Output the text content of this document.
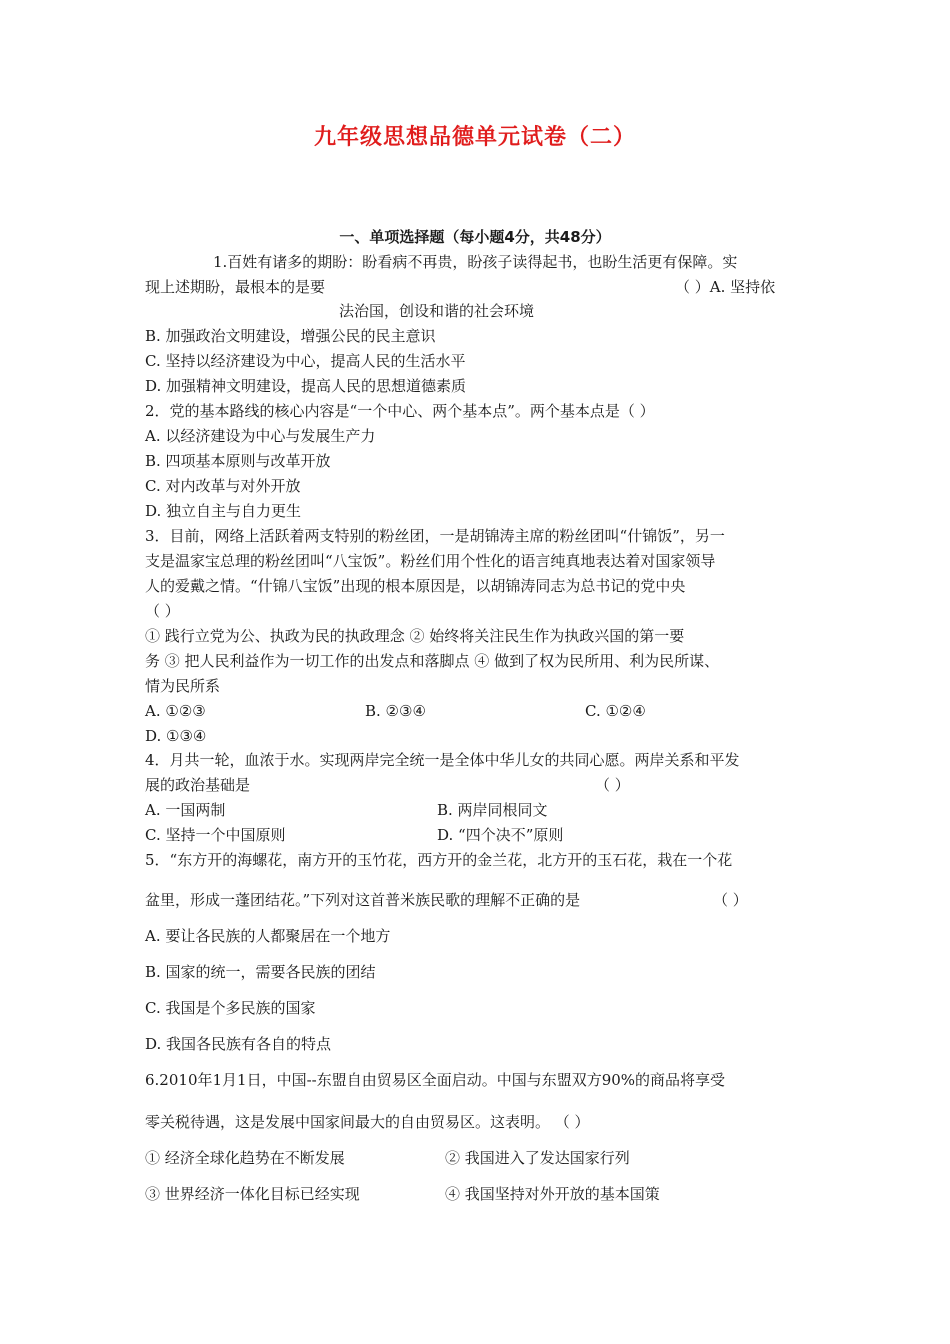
九年级思想品德单元试卷（二）
一、单项选择题（每小题4分，共48分）
1.百姓有诸多的期盼：盼看病不再贵，盼孩子读得起书，也盼生活更有保障。实
现上述期盼，最根本的是要	（ ）A. 坚持依
法治国，创设和谐的社会环境
B. 加强政治文明建设，增强公民的民主意识
C. 坚持以经济建设为中心，提高人民的生活水平
D. 加强精神文明建设，提高人民的思想道德素质
2．党的基本路线的核心内容是“一个中心、两个基本点”。两个基本点是（ ）
A. 以经济建设为中心与发展生产力
B. 四项基本原则与改革开放
C. 对内改革与对外开放
D. 独立自主与自力更生
3．目前，网络上活跃着两支特别的粉丝团，一是胡锦涛主席的粉丝团叫“什锦饭”，另一
支是温家宝总理的粉丝团叫“八宝饭”。粉丝们用个性化的语言纯真地表达着对国家领导
人的爱戴之情。“什锦八宝饭”出现的根本原因是，以胡锦涛同志为总书记的党中央
（ ）
① 践行立党为公、执政为民的执政理念 ② 始终将关注民生作为执政兴国的第一要
务 ③ 把人民利益作为一切工作的出发点和落脚点 ④ 做到了权为民所用、利为民所谋、
情为民所系
A. ①②③	B. ②③④	C. ①②④
D. ①③④
4．月共一轮，血浓于水。实现两岸完全统一是全体中华儿女的共同心愿。两岸关系和平发
展的政治基础是	（ ）
A. 一国两制	B. 两岸同根同文
C. 坚持一个中国原则	D. “四个决不”原则
5．“东方开的海螺花，南方开的玉竹花，西方开的金兰花，北方开的玉石花，栽在一个花
盆里，形成一蓬团结花。”下列对这首普米族民歌的理解不正确的是	（ ）
A. 要让各民族的人都聚居在一个地方
B. 国家的统一，需要各民族的团结
C. 我国是个多民族的国家
D. 我国各民族有各自的特点
6.2010年1月1日，中国--东盟自由贸易区全面启动。中国与东盟双方90%的商品将享受
零关税待遇，这是发展中国家间最大的自由贸易区。这表明。 （ ）
① 经济全球化趋势在不断发展	② 我国进入了发达国家行列
③ 世界经济一体化目标已经实现	④ 我国坚持对外开放的基本国策
